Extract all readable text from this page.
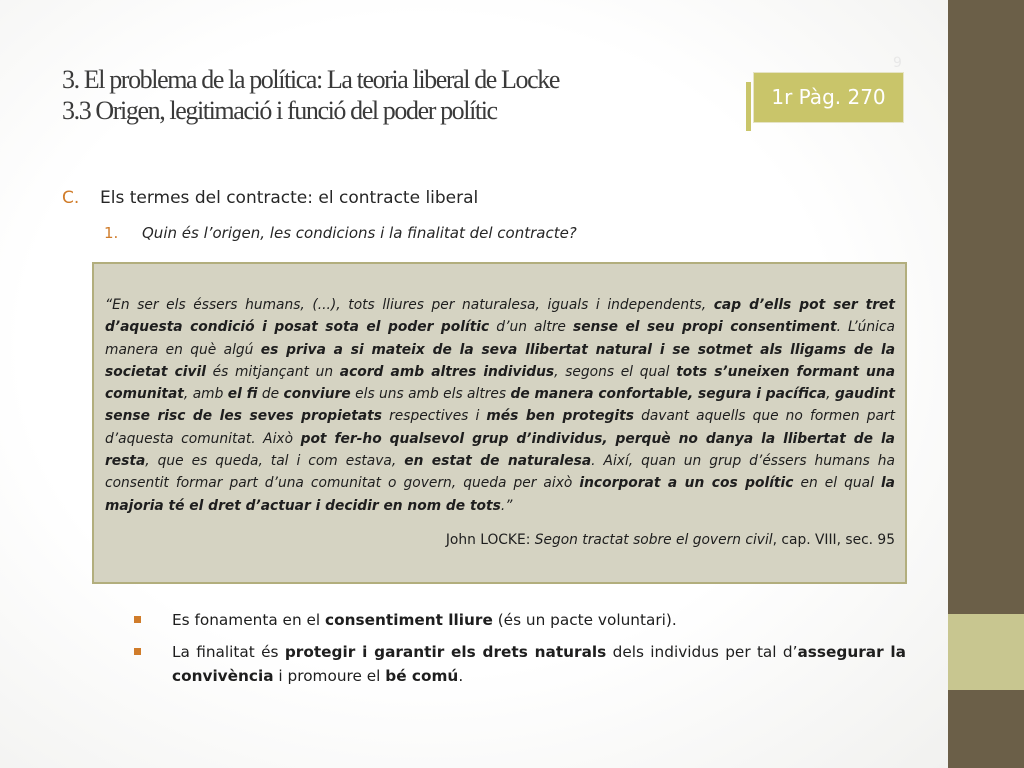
3. El problema de la política: La teoria liberal de Locke
3.3 Origen, legitimació i funció del poder polític	1r Pàg. 270
9
C. Els termes del contracte: el contracte liberal
1. Quin és l’origen, les condicions i la finalitat del contracte?
“En ser els éssers humans, (...), tots lliures per naturalesa, iguals i independents, cap d’ells pot ser tret d’aquesta condició i posat sota el poder polític d’un altre sense el seu propi consentiment. L’única manera en què algú es priva a si mateix de la seva llibertat natural i se sotmet als lligams de la societat civil és mitjançant un acord amb altres individus, segons el qual tots s’uneixen formant una comunitat, amb el fi de conviure els uns amb els altres de manera confortable, segura i pacífica, gaudint sense risc de les seves propietats respectives i més ben protegits davant aquells que no formen part d’aquesta comunitat. Això pot fer-ho qualsevol grup d’individus, perquè no danya la llibertat de la resta, que es queda, tal i com estava, en estat de naturalesa. Així, quan un grup d’éssers humans ha consentit formar part d’una comunitat o govern, queda per això incorporat a un cos polític en el qual la majoria té el dret d’actuar i decidir en nom de tots.”
John LOCKE: Segon tractat sobre el govern civil, cap. VIII, sec. 95
Es fonamenta en el consentiment lliure (és un pacte voluntari).
La finalitat és protegir i garantir els drets naturals dels individus per tal d’assegurar la convivència i promoure el bé comú.
